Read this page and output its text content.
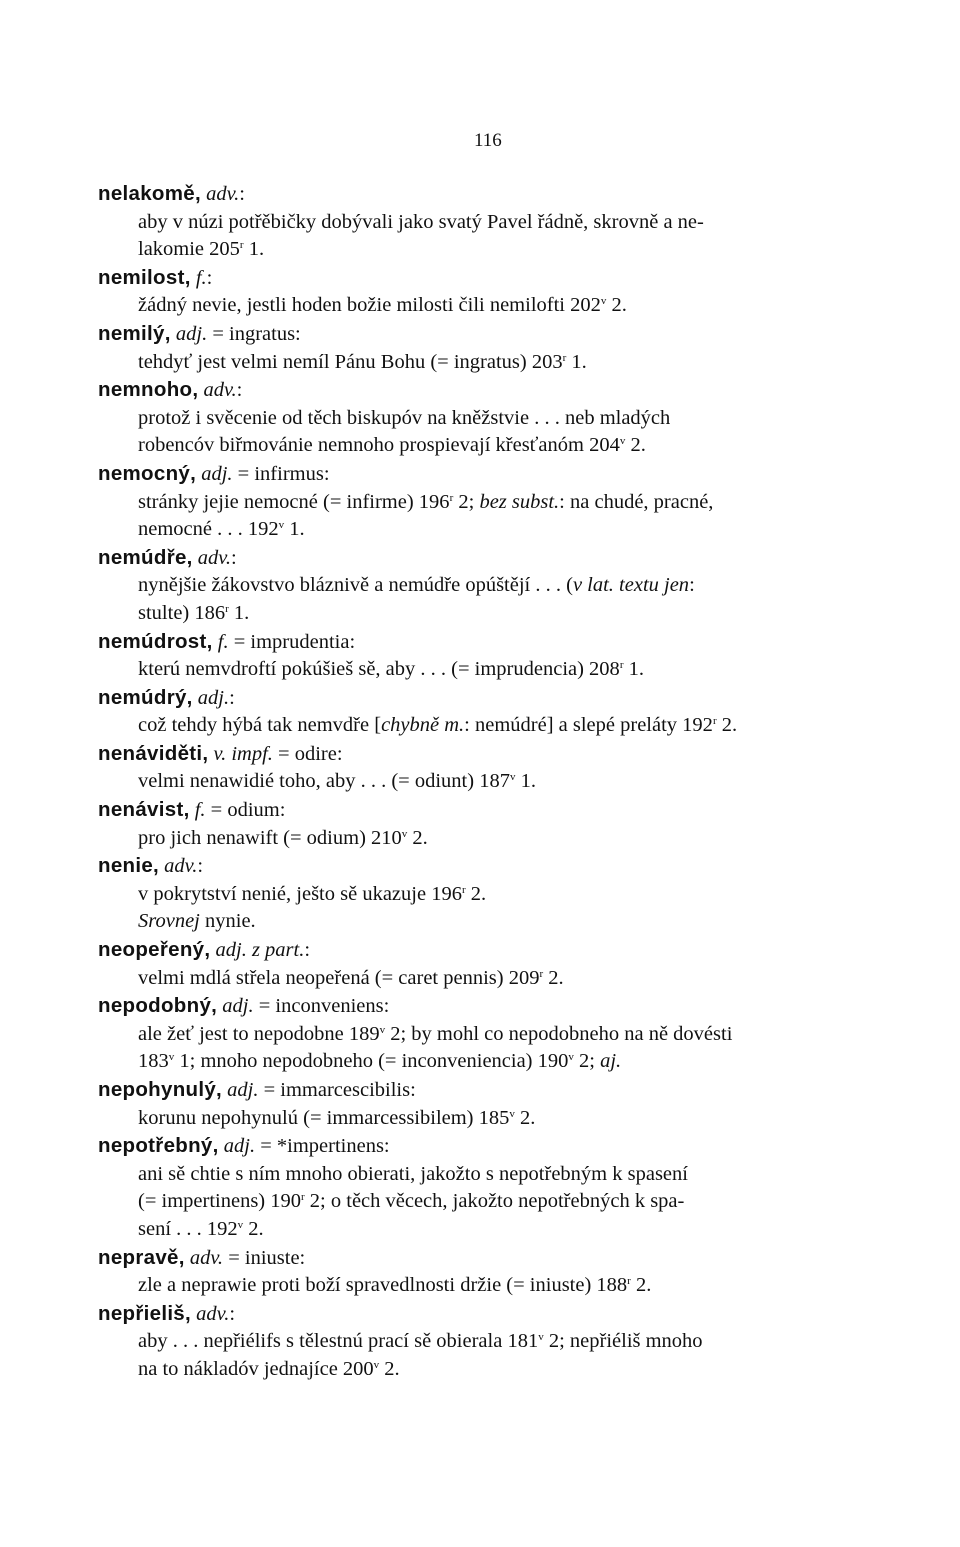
116
nelakomě, adv.:
aby v núzi potřěbičky dobývali jako svatý Pavel řádně, skrovně a ne-
lakomie 205$^r$ 1.
nemilost, f.:
žádný nevie, jestli hoden božie milosti čili nemilofti 202$^v$ 2.
nemilý, adj. = ingratus:
tehdyť jest velmi nemíl Pánu Bohu (= ingratus) 203$^r$ 1.
nemnoho, adv.:
protož i svěcenie od těch biskupóv na kněžstvie . . . neb mladých
robencóv biřmovánie nemnoho prospievají křesťanóm 204$^v$ 2.
nemocný, adj. = infirmus:
stránky jejie nemocné (= infirme) 196$^r$ 2; bez subst.: na chudé, pracné,
nemocné . . . 192$^v$ 1.
nemúdře, adv.:
nynějšie žákovstvo bláznivě a nemúdře opúštějí . . . (v lat. textu jen:
stulte) 186$^r$ 1.
nemúdrost, f. = imprudentia:
kterú nemvdroftí pokúšieš sě, aby . . . (= imprudencia) 208$^r$ 1.
nemúdrý, adj.:
což tehdy hýbá tak nemvdře [chybně m.: nemúdré] a slepé preláty 192$^r$ 2.
nenáviděti, v. impf. = odire:
velmi nenawidié toho, aby . . . (= odiunt) 187$^v$ 1.
nenávist, f. = odium:
pro jich nenawift (= odium) 210$^v$ 2.
nenie, adv.:
v pokrytství nenié, ješto sě ukazuje 196$^r$ 2.
Srovnej nynie.
neopeřený, adj. z part.:
velmi mdlá střela neopeřená (= caret pennis) 209$^r$ 2.
nepodobný, adj. = inconveniens:
ale žeť jest to nepodobne 189$^v$ 2; by mohl co nepodobneho na ně dovésti
183$^v$ 1; mnoho nepodobneho (= inconveniencia) 190$^v$ 2; aj.
nepohynulý, adj. = immarcescibilis:
korunu nepohynulú (= immarcessibilem) 185$^v$ 2.
nepotřebný, adj. = *impertinens:
ani sě chtie s ním mnoho obierati, jakožto s nepotřebným k spasení
(= impertinens) 190$^r$ 2; o těch věcech, jakožto nepotřebných k spa-
sení . . . 192$^v$ 2.
nepravě, adv. = iniuste:
zle a neprawie proti boží spravedlnosti držie (= iniuste) 188$^r$ 2.
nepřieliš, adv.:
aby . . . nepřiélifs s tělestnú prací sě obierala 181$^v$ 2; nepřiéliš mnoho
na to nákladóv jednajíce 200$^v$ 2.
